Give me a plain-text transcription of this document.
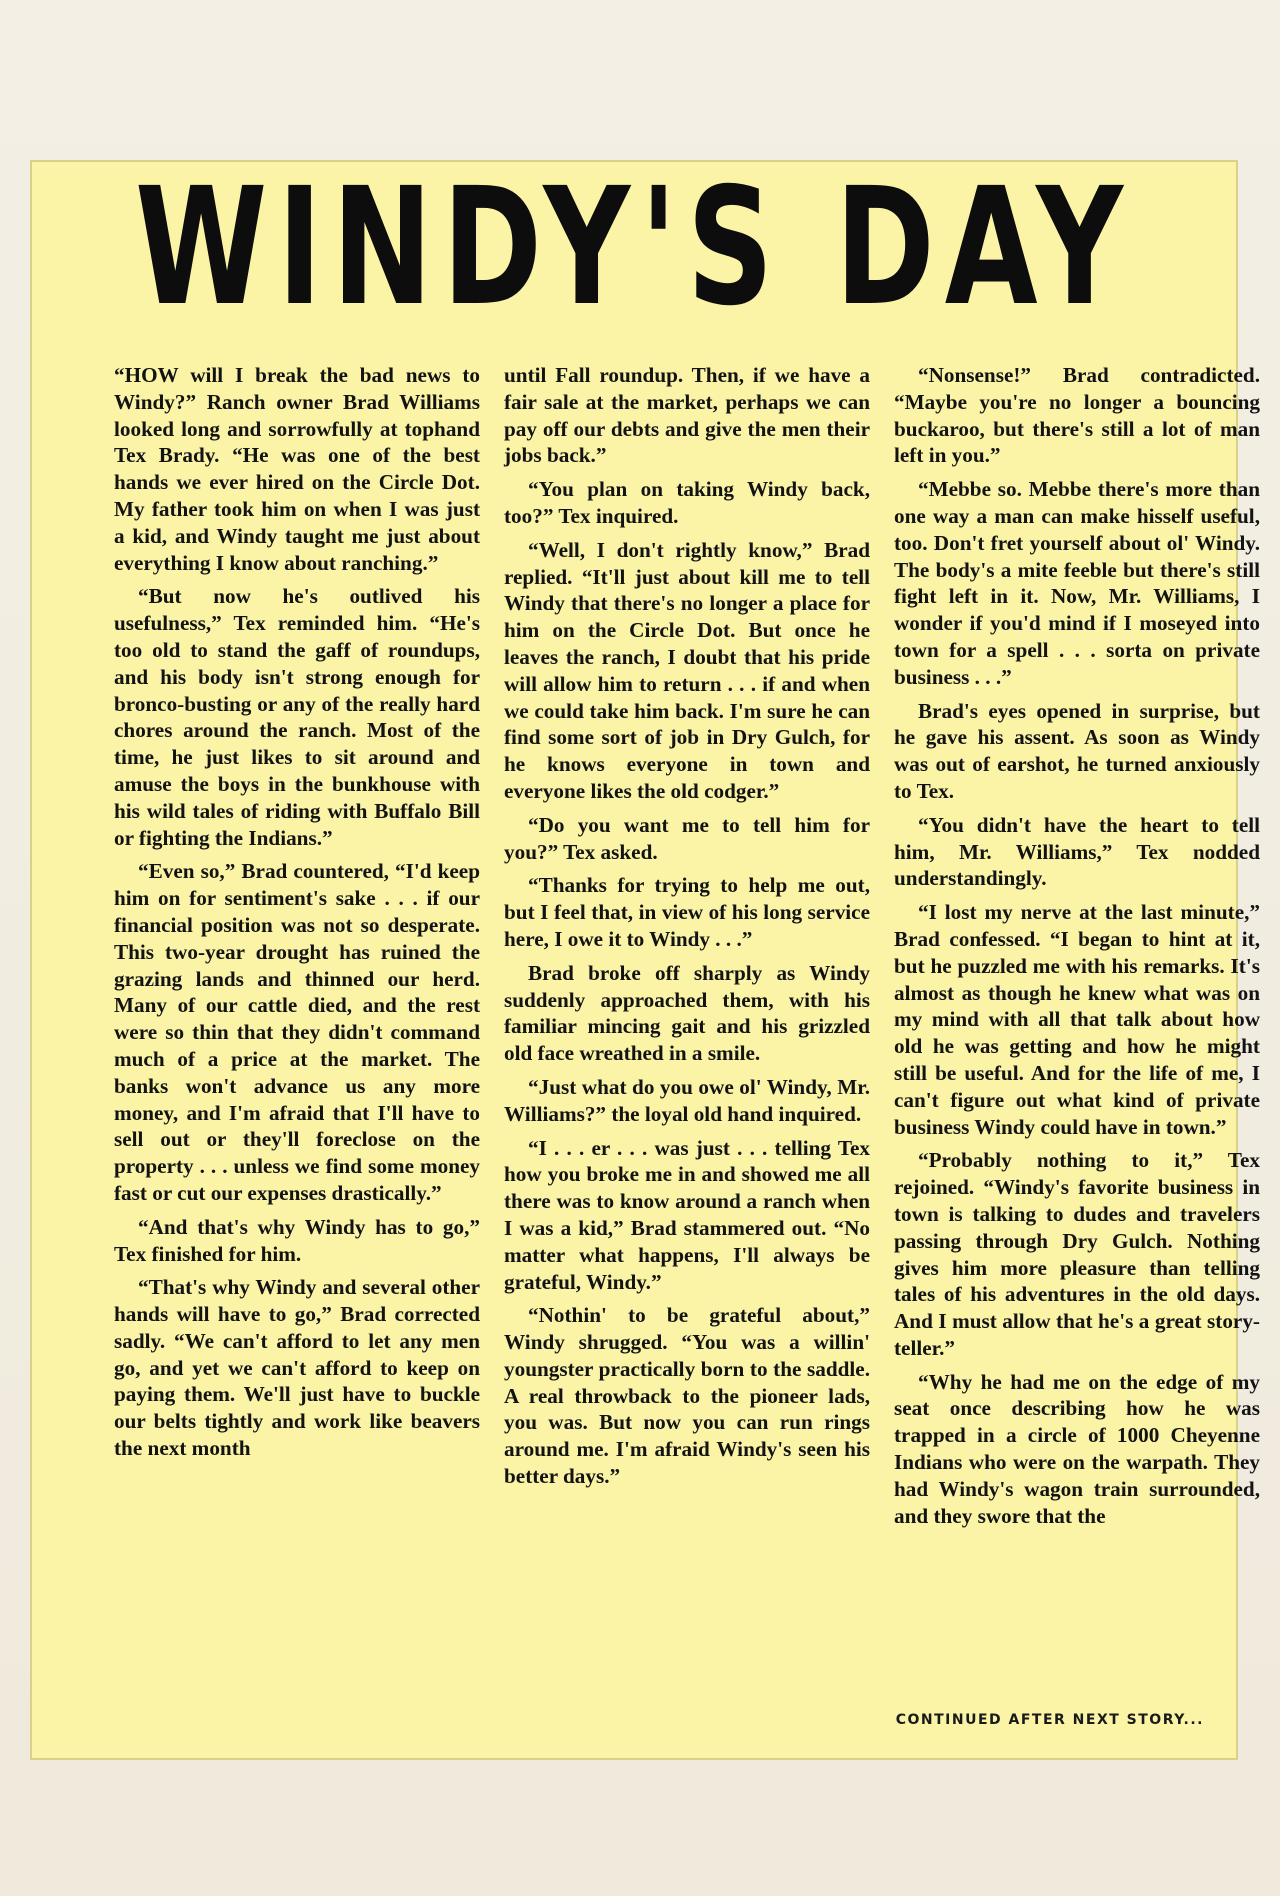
WINDY'S DAY

“HOW will I break the bad news to Windy?” Ranch owner Brad Williams looked long and sorrowfully at tophand Tex Brady. “He was one of the best hands we ever hired on the Circle Dot. My father took him on when I was just a kid, and Windy taught me just about everything I know about ranching.”

“But now he's outlived his usefulness,” Tex reminded him. “He's too old to stand the gaff of roundups, and his body isn't strong enough for bronco-busting or any of the really hard chores around the ranch. Most of the time, he just likes to sit around and amuse the boys in the bunkhouse with his wild tales of riding with Buffalo Bill or fighting the Indians.”

“Even so,” Brad countered, “I'd keep him on for sentiment's sake . . . if our financial position was not so desperate. This two-year drought has ruined the grazing lands and thinned our herd. Many of our cattle died, and the rest were so thin that they didn't command much of a price at the market. The banks won't advance us any more money, and I'm afraid that I'll have to sell out or they'll foreclose on the property . . . unless we find some money fast or cut our expenses drastically.”

“And that's why Windy has to go,” Tex finished for him.

“That's why Windy and several other hands will have to go,” Brad corrected sadly. “We can't afford to let any men go, and yet we can't afford to keep on paying them. We'll just have to buckle our belts tightly and work like beavers the next month

until Fall roundup. Then, if we have a fair sale at the market, perhaps we can pay off our debts and give the men their jobs back.”

“You plan on taking Windy back, too?” Tex inquired.

“Well, I don't rightly know,” Brad replied. “It'll just about kill me to tell Windy that there's no longer a place for him on the Circle Dot. But once he leaves the ranch, I doubt that his pride will allow him to return . . . if and when we could take him back. I'm sure he can find some sort of job in Dry Gulch, for he knows everyone in town and everyone likes the old codger.”

“Do you want me to tell him for you?” Tex asked.

“Thanks for trying to help me out, but I feel that, in view of his long service here, I owe it to Windy . . .”

Brad broke off sharply as Windy suddenly approached them, with his familiar mincing gait and his grizzled old face wreathed in a smile.

“Just what do you owe ol' Windy, Mr. Williams?” the loyal old hand inquired.

“I . . . er . . . was just . . . telling Tex how you broke me in and showed me all there was to know around a ranch when I was a kid,” Brad stammered out. “No matter what happens, I'll always be grateful, Windy.”

“Nothin' to be grateful about,” Windy shrugged. “You was a willin' youngster practically born to the saddle. A real throwback to the pioneer lads, you was. But now you can run rings around me. I'm afraid Windy's seen his better days.”

“Nonsense!” Brad contradicted. “Maybe you're no longer a bouncing buckaroo, but there's still a lot of man left in you.”

“Mebbe so. Mebbe there's more than one way a man can make hisself useful, too. Don't fret yourself about ol' Windy. The body's a mite feeble but there's still fight left in it. Now, Mr. Williams, I wonder if you'd mind if I moseyed into town for a spell . . . sorta on private business . . .”

Brad's eyes opened in surprise, but he gave his assent. As soon as Windy was out of earshot, he turned anxiously to Tex.

“You didn't have the heart to tell him, Mr. Williams,” Tex nodded understandingly.

“I lost my nerve at the last minute,” Brad confessed. “I began to hint at it, but he puzzled me with his remarks. It's almost as though he knew what was on my mind with all that talk about how old he was getting and how he might still be useful. And for the life of me, I can't figure out what kind of private business Windy could have in town.”

“Probably nothing to it,” Tex rejoined. “Windy's favorite business in town is talking to dudes and travelers passing through Dry Gulch. Nothing gives him more pleasure than telling tales of his adventures in the old days. And I must allow that he's a great story-teller.”

“Why he had me on the edge of my seat once describing how he was trapped in a circle of 1000 Cheyenne Indians who were on the warpath. They had Windy's wagon train surrounded, and they swore that the

CONTINUED AFTER NEXT STORY...
